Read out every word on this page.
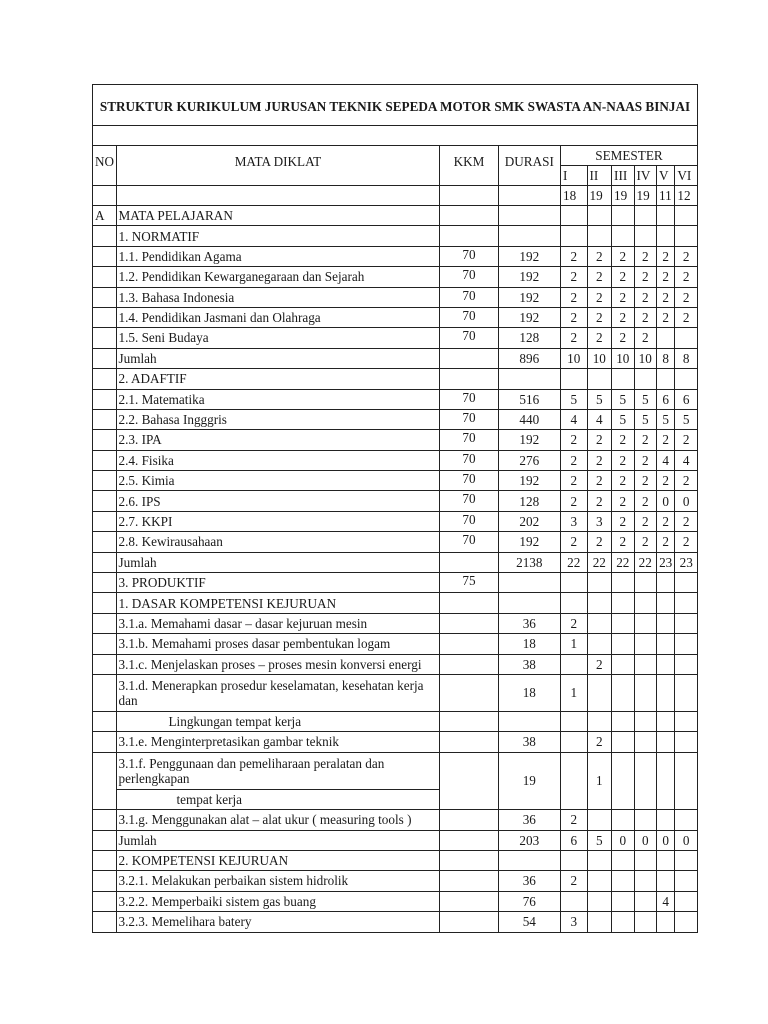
STRUKTUR KURIKULUM JURUSAN TEKNIK SEPEDA MOTOR SMK SWASTA AN-NAAS BINJAI									

NO	MATA DIKLAT	KKM	DURASI	SEMESTER					
				I	II	III	IV	V	VI
				18	19	19	19	11	12
A	MATA PELAJARAN								
	1. NORMATIF								
	1.1. Pendidikan Agama	70	192	2	2	2	2	2	2
	1.2. Pendidikan Kewarganegaraan dan Sejarah	70	192	2	2	2	2	2	2
	1.3. Bahasa Indonesia	70	192	2	2	2	2	2	2
	1.4. Pendidikan Jasmani dan Olahraga	70	192	2	2	2	2	2	2
	1.5. Seni Budaya	70	128	2	2	2	2		
	Jumlah		896	10	10	10	10	8	8
	2. ADAFTIF								
	2.1. Matematika	70	516	5	5	5	5	6	6
	2.2. Bahasa Ingggris	70	440	4	4	5	5	5	5
	2.3. IPA	70	192	2	2	2	2	2	2
	2.4. Fisika	70	276	2	2	2	2	4	4
	2.5. Kimia	70	192	2	2	2	2	2	2
	2.6. IPS	70	128	2	2	2	2	0	0
	2.7. KKPI	70	202	3	3	2	2	2	2
	2.8. Kewirausahaan	70	192	2	2	2	2	2	2
	Jumlah		2138	22	22	22	22	23	23
	3. PRODUKTIF	75							
	1. DASAR KOMPETENSI KEJURUAN								
	3.1.a. Memahami dasar – dasar kejuruan mesin		36	2					
	3.1.b. Memahami proses dasar pembentukan logam		18	1					
	3.1.c. Menjelaskan proses – proses mesin konversi energi		38		2				
	3.1.d. Menerapkan prosedur keselamatan, kesehatan kerja dan		18	1					
	Lingkungan tempat kerja								
	3.1.e. Menginterpretasikan gambar teknik		38		2				
	3.1.f. Penggunaan dan pemeliharaan peralatan dan perlengkapan		19		1				
	tempat kerja								
	3.1.g. Menggunakan alat – alat ukur ( measuring tools )		36	2					
	Jumlah		203	6	5	0	0	0	0
	2. KOMPETENSI KEJURUAN								
	3.2.1. Melakukan perbaikan sistem hidrolik		36	2					
	3.2.2. Memperbaiki sistem gas buang		76					4	
	3.2.3. Memelihara batery		54	3					
